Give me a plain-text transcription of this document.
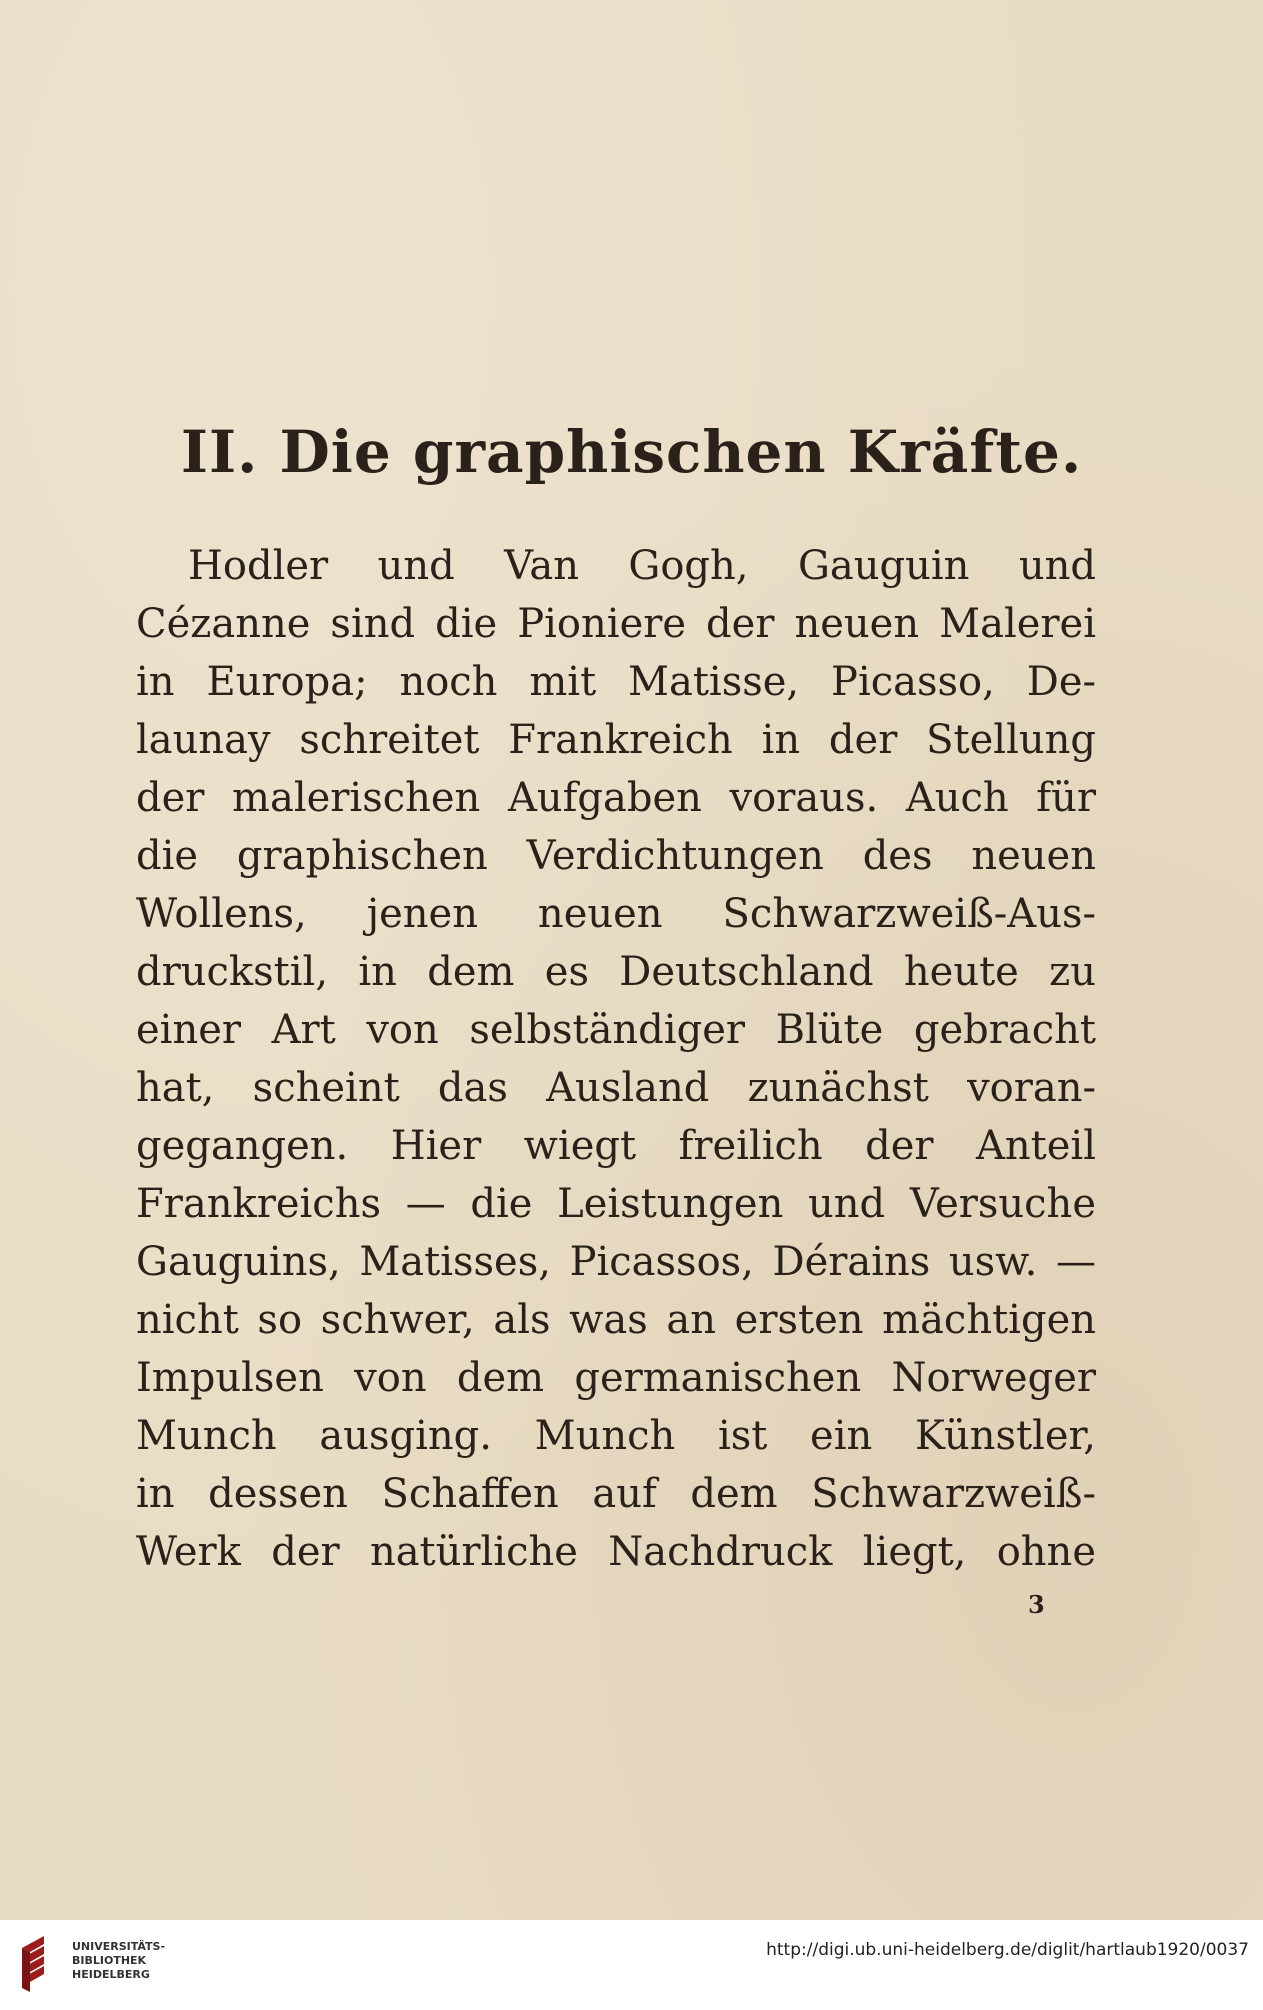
II. Die graphischen Kräfte.
Hodler und Van Gogh, Gauguin und
Cézanne sind die Pioniere der neuen Malerei
in Europa; noch mit Matisse, Picasso, De-
launay schreitet Frankreich in der Stellung
der malerischen Aufgaben voraus. Auch für
die graphischen Verdichtungen des neuen
Wollens, jenen neuen Schwarzweiß-Aus-
druckstil, in dem es Deutschland heute zu
einer Art von selbständiger Blüte gebracht
hat, scheint das Ausland zunächst voran-
gegangen. Hier wiegt freilich der Anteil
Frankreichs — die Leistungen und Versuche
Gauguins, Matisses, Picassos, Dérains usw. —
nicht so schwer, als was an ersten mächtigen
Impulsen von dem germanischen Norweger
Munch ausging. Munch ist ein Künstler,
in dessen Schaffen auf dem Schwarzweiß-
Werk der natürliche Nachdruck liegt, ohne
3
UNIVERSITÄTS-
BIBLIOTHEK
HEIDELBERG
http://digi.ub.uni-heidelberg.de/diglit/hartlaub1920/0037
